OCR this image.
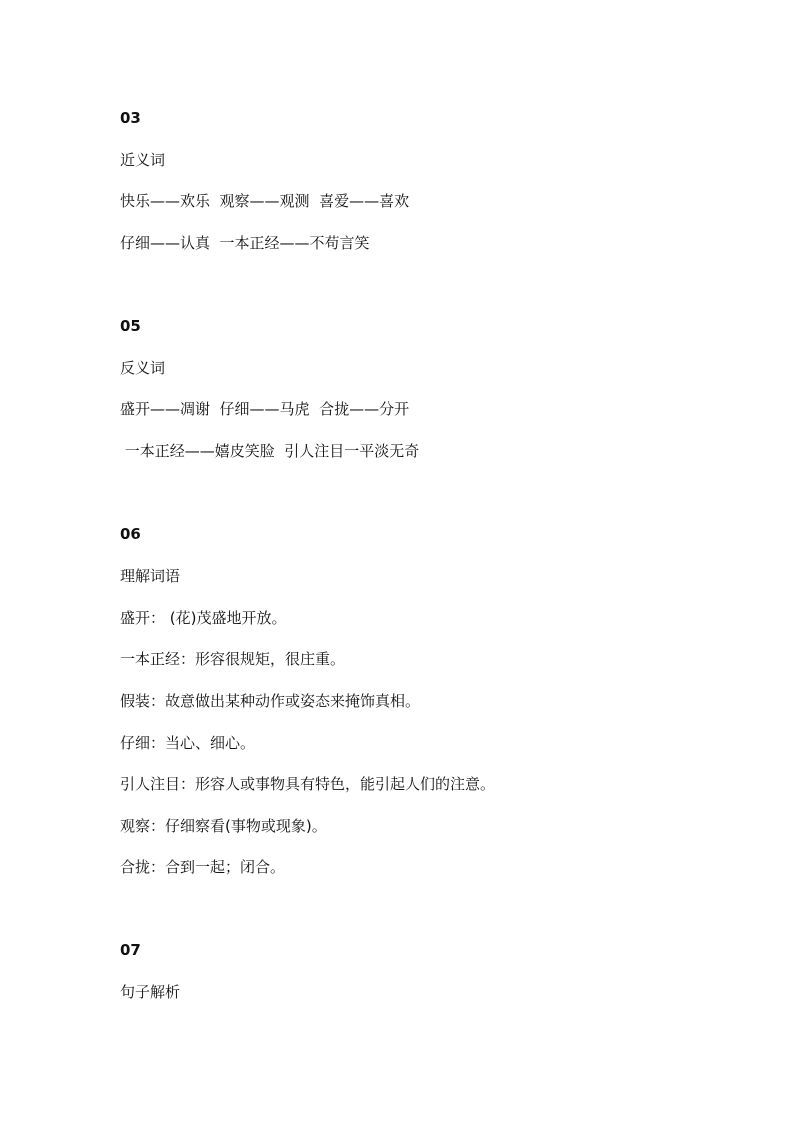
03
近义词
快乐——欢乐  观察——观测  喜爱——喜欢
仔细——认真  一本正经——不苟言笑
05
反义词
盛开——凋谢  仔细——马虎  合拢——分开
一本正经——嬉皮笑脸  引人注目一平淡无奇
06
理解词语
盛开： (花)茂盛地开放。
一本正经：形容很规矩，很庄重。
假装：故意做出某种动作或姿态来掩饰真相。
仔细：当心、细心。
引人注目：形容人或事物具有特色，能引起人们的注意。
观察：仔细察看(事物或现象)。
合拢：合到一起；闭合。
07
句子解析
